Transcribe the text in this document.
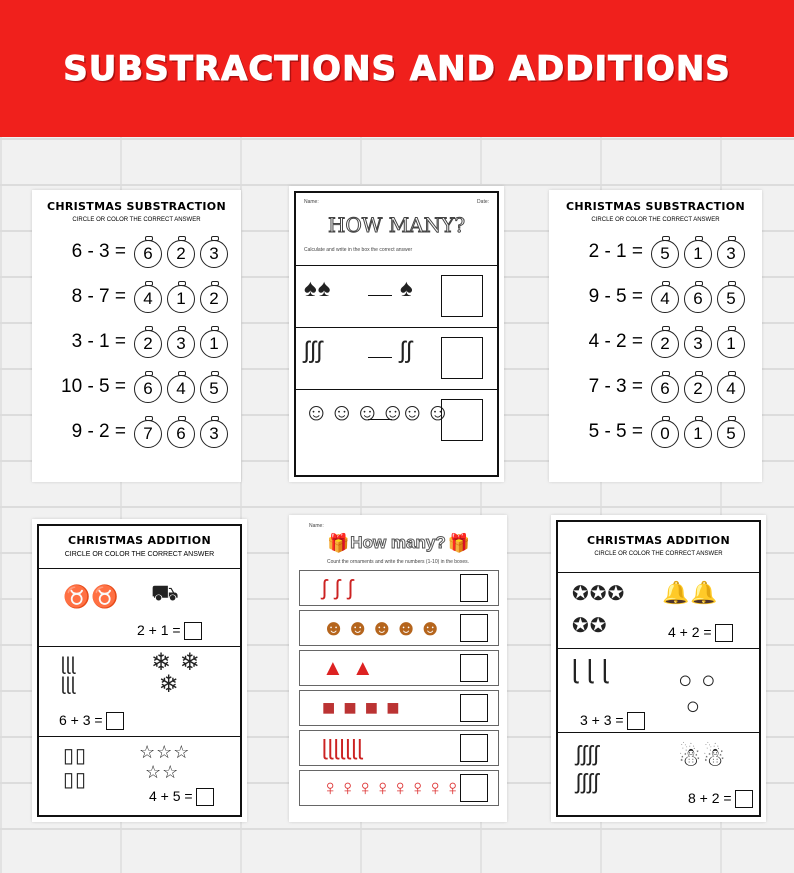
SUBSTRACTIONS AND ADDITIONS
CHRISTMAS SUBSTRACTION
CIRCLE OR COLOR THE CORRECT ANSWER
6 - 3 =	6	2	3
8 - 7 =	4	1	2
3 - 1 =	2	3	1
10 - 5 =	6	4	5
9 - 2 =	7	6	3
Name:	Date:
HOW MANY?
Calculate and write in the box the correct answer
♠♠	♠
ʃʃʃ	ʃʃ
☺☺☺☺
☺☺
CHRISTMAS SUBSTRACTION
CIRCLE OR COLOR THE CORRECT ANSWER
2 - 1 =	5	1	3
9 - 5 =	4	6	5
4 - 2 =	2	3	1
7 - 3 =	6	2	4
5 - 5 =	0	1	5
CHRISTMAS ADDITION
CIRCLE OR COLOR THE CORRECT ANSWER
♉♉ ⛟
2 + 1 =
ɭɭɭ
ɭɭɭ
❄ ❄
❄
6 + 3 =
▯▯
▯▯
☆☆☆
☆☆
4 + 5 =
Name:
How many?
🎁	🎁
Count the ornaments and write the numbers (1-10) in the boxes.
ʃ ʃ ʃ
☻☻☻☻☻
▲ ▲
■ ■ ■ ■
ɭɭɭɭɭɭɭ
♀♀♀♀♀♀♀♀
CHRISTMAS ADDITION
CIRCLE OR COLOR THE CORRECT ANSWER
✪✪✪
✪✪
🔔🔔
4 + 2 =
ɭ ɭ ɭ	○ ○
○
3 + 3 =
ʃʃʃʃ
ʃʃʃʃ
☃☃
8 + 2 =
